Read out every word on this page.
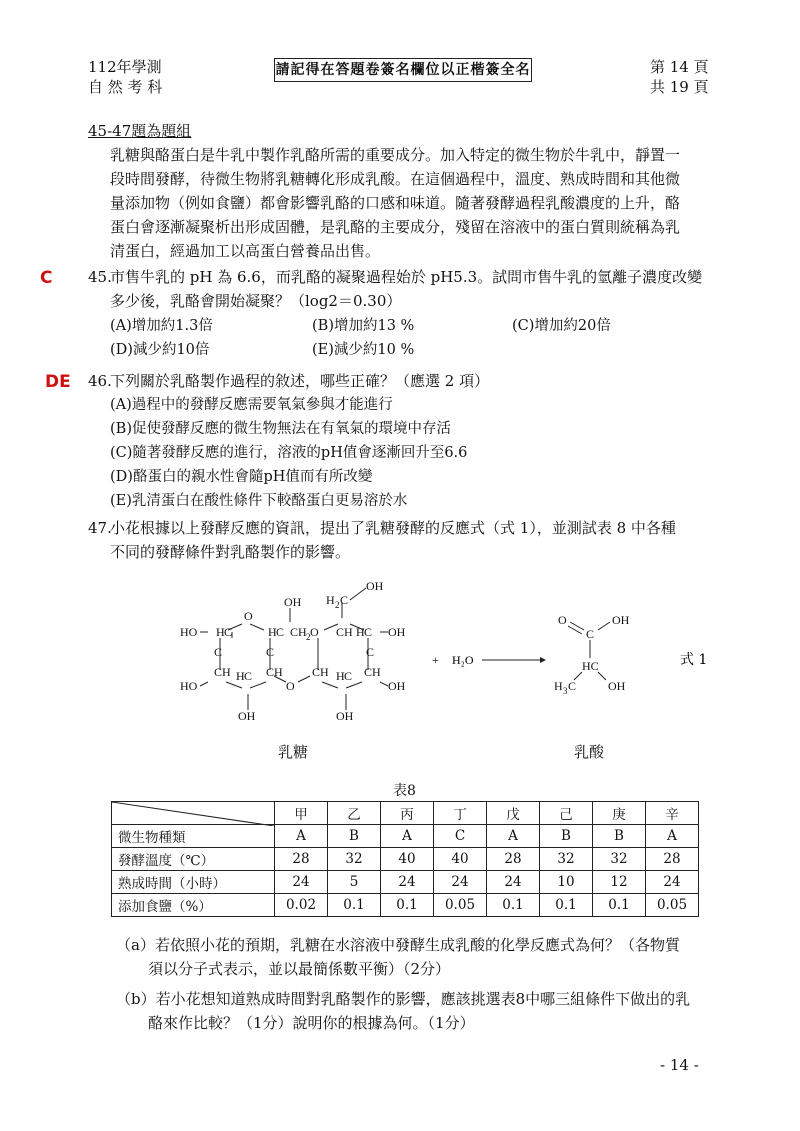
112年學測
自 然 考 科
請記得在答題卷簽名欄位以正楷簽全名	第 14 頁
共 19 頁
45-47題為題組
乳糖與酪蛋白是牛乳中製作乳酪所需的重要成分。加入特定的微生物於牛乳中，靜置一
段時間發酵，待微生物將乳糖轉化形成乳酸。在這個過程中，溫度、熟成時間和其他微
量添加物（例如食鹽）都會影響乳酪的口感和味道。隨著發酵過程乳酸濃度的上升，酪
蛋白會逐漸凝聚析出形成固體，是乳酪的主要成分，殘留在溶液中的蛋白質則統稱為乳
清蛋白，經過加工以高蛋白營養品出售。
C 45.
市售牛乳的 pH 為 6.6，而乳酪的凝聚過程始於 pH5.3。試問市售牛乳的氫離子濃度改變
多少後，乳酪會開始凝聚？（log2＝0.30）
(A)增加約1.3倍	(B)增加約13 %	(C)增加約20倍
(D)減少約10倍	(E)減少約10 %
DE 46.
下列關於乳酪製作過程的敘述，哪些正確？（應選 2 項）
(A)過程中的發酵反應需要氧氣參與才能進行
(B)促使發酵反應的微生物無法在有氧氣的環境中存活
(C)隨著發酵反應的進行，溶液的pH值會逐漸回升至6.6
(D)酪蛋白的親水性會隨pH值而有所改變
(E)乳清蛋白在酸性條件下較酪蛋白更易溶於水
47.
小花根據以上發酵反應的資訊，提出了乳糖發酵的反應式（式 1），並測試表 8 中各種
不同的發酵條件對乳酪製作的影響。
HO H C
O
H C
OH
CH 2
H 2 C
OH
O CH H C OH
C	C	C
CH H C CH
O
CH H C CH
HO	OH
OH	OH
+ H₂O
O
C
OH
HC
H 3 C	OH
式 1
乳糖	乳酸
表8
	甲	乙	丙	丁	戊	己	庚	辛
微生物種類	A	B	A	C	A	B	B	A
發酵溫度（℃）	28	32	40	40	28	32	32	28
熟成時間（小時）	24	5	24	24	24	10	12	24
添加食鹽（%）	0.02	0.1	0.1	0.05	0.1	0.1	0.1	0.05
（a）若依照小花的預期，乳糖在水溶液中發酵生成乳酸的化學反應式為何？（各物質
須以分子式表示，並以最簡係數平衡）（2分）
（b）若小花想知道熟成時間對乳酪製作的影響，應該挑選表8中哪三組條件下做出的乳
酪來作比較？（1分）說明你的根據為何。（1分）
- 14 -
